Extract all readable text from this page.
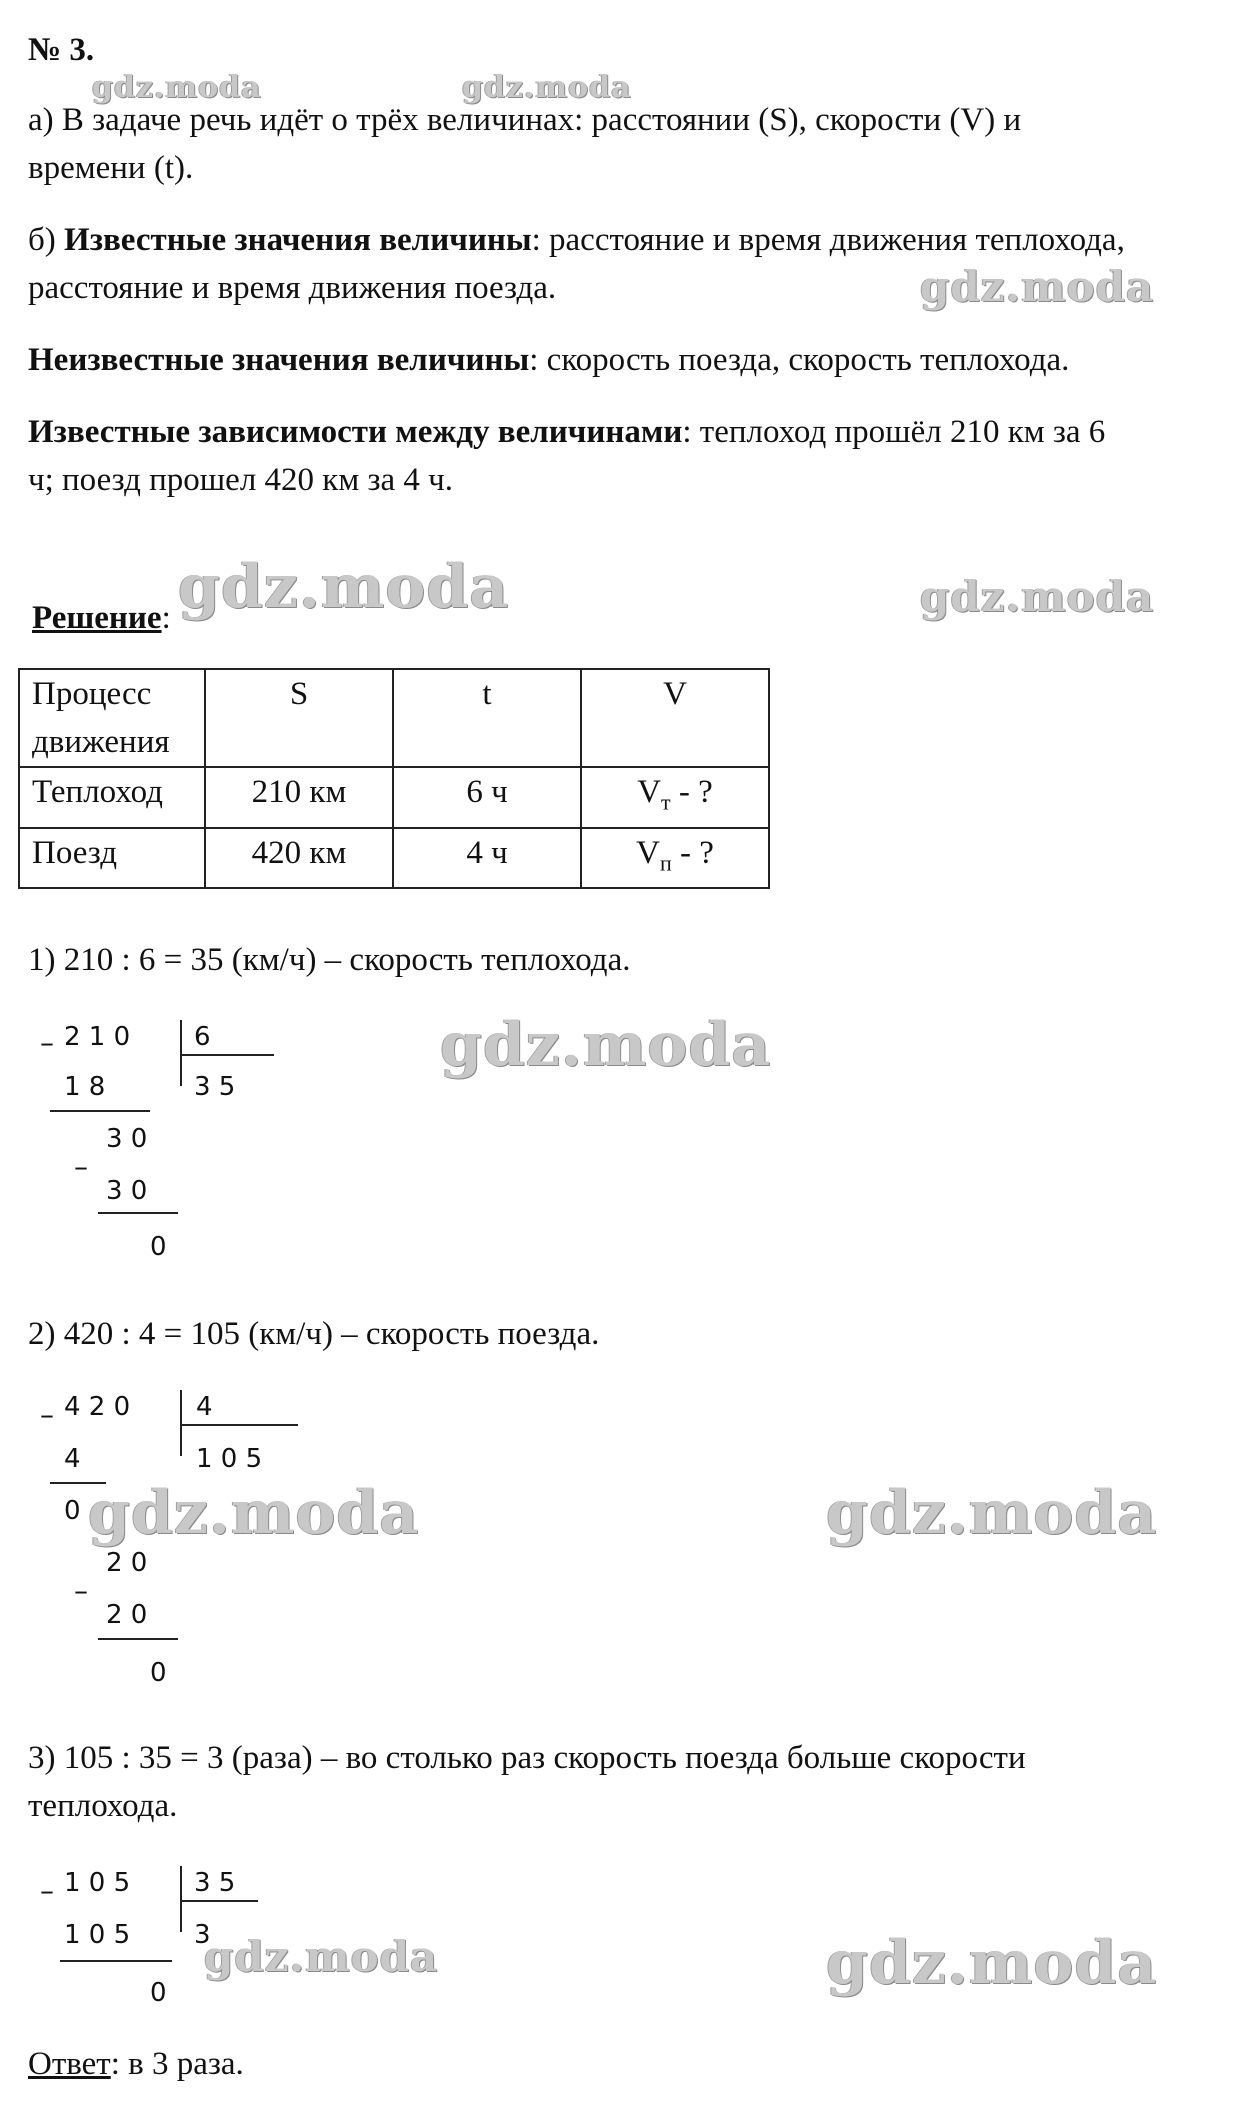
№ 3.
а) В задаче речь идёт о трёх величинах: расстоянии (S), скорости (V) и
времени (t).
б) Известные значения величины: расстояние и время движения теплохода,
расстояние и время движения поезда.
Неизвестные значения величины: скорость поезда, скорость теплохода.
Известные зависимости между величинами: теплоход прошёл 210 км за 6
ч; поезд прошел 420 км за 4 ч.
Решение:
Процесс
движения	S	t	V
Теплоход	210 км	6 ч	$V_т$ - ?
Поезд	420 км	4 ч	$V_п$ - ?
1) 210 : 6 = 35 (км/ч) – скорость теплохода.
– 2 1 0 6
3 5
1 8
–
3 0
3 0
0
2) 420 : 4 = 105 (км/ч) – скорость поезда.
– 4 2 0	4
1 0 5
4
0
–
2 0
2 0
0
3) 105 : 35 = 3 (раза) – во столько раз скорость поезда больше скорости
теплохода.
– 1 0 5 3 5
3
1 0 5
0
Ответ: в 3 раза.
gdz.moda	gdz.moda
gdz.moda
gdz.moda	gdz.moda
gdz.moda
gdz.moda	gdz.moda
gdz.moda	gdz.moda
